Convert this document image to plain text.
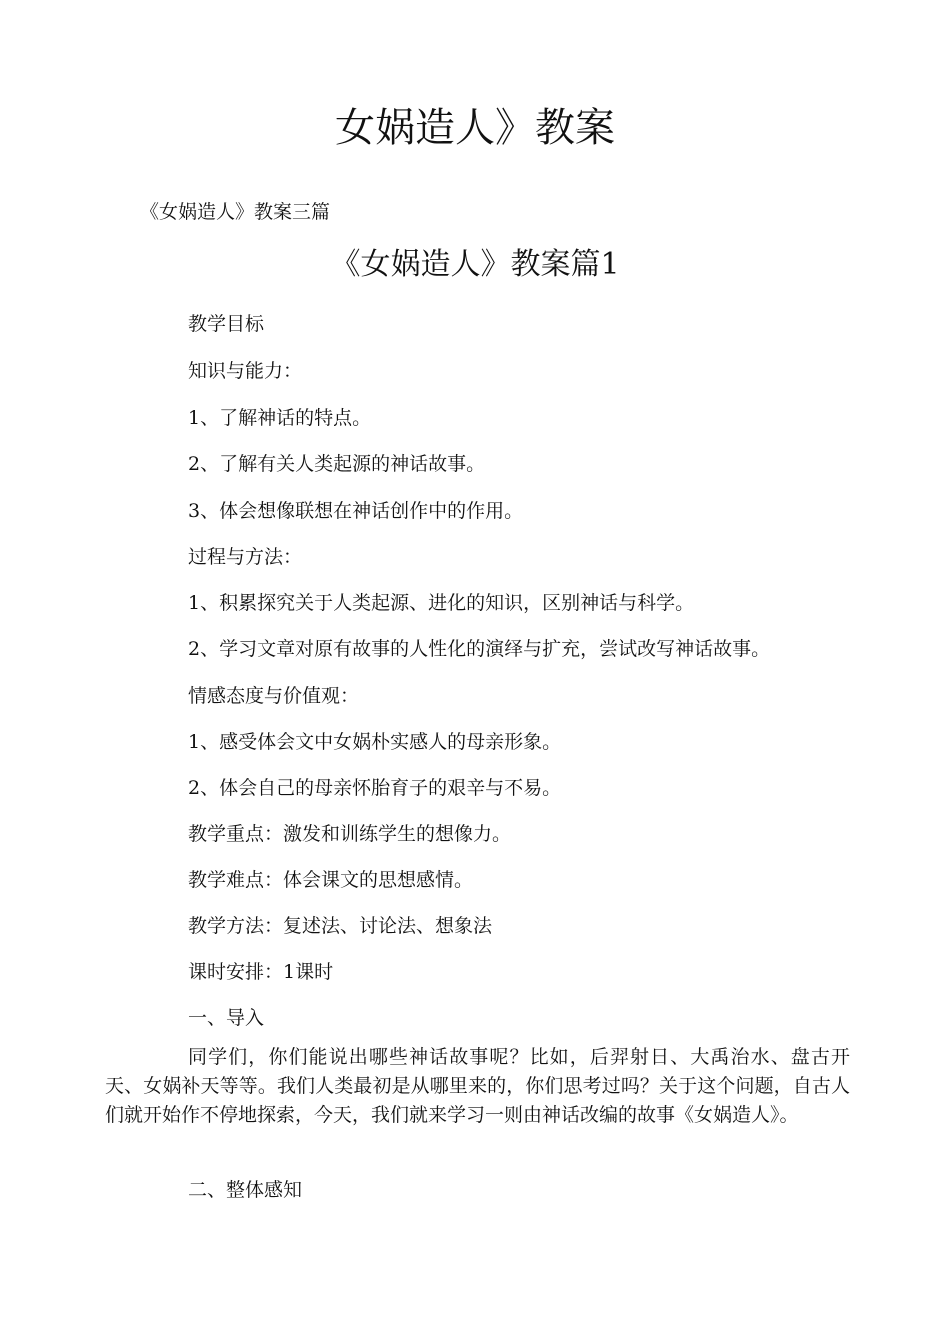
女娲造人》教案

《女娲造人》教案三篇

《女娲造人》教案篇1

教学目标

知识与能力：

1、了解神话的特点。

2、了解有关人类起源的神话故事。

3、体会想像联想在神话创作中的作用。

过程与方法：

1、积累探究关于人类起源、进化的知识，区别神话与科学。

2、学习文章对原有故事的人性化的演绎与扩充，尝试改写神话故事。

情感态度与价值观：

1、感受体会文中女娲朴实感人的母亲形象。

2、体会自己的母亲怀胎育子的艰辛与不易。

教学重点：激发和训练学生的想像力。

教学难点：体会课文的思想感情。

教学方法：复述法、讨论法、想象法

课时安排：1课时

一、导入

同学们，你们能说出哪些神话故事呢？比如，后羿射日、大禹治水、盘古开天、女娲补天等等。我们人类最初是从哪里来的，你们思考过吗？关于这个问题，自古人们就开始作不停地探索，今天，我们就来学习一则由神话改编的故事《女娲造人》。

二、整体感知
